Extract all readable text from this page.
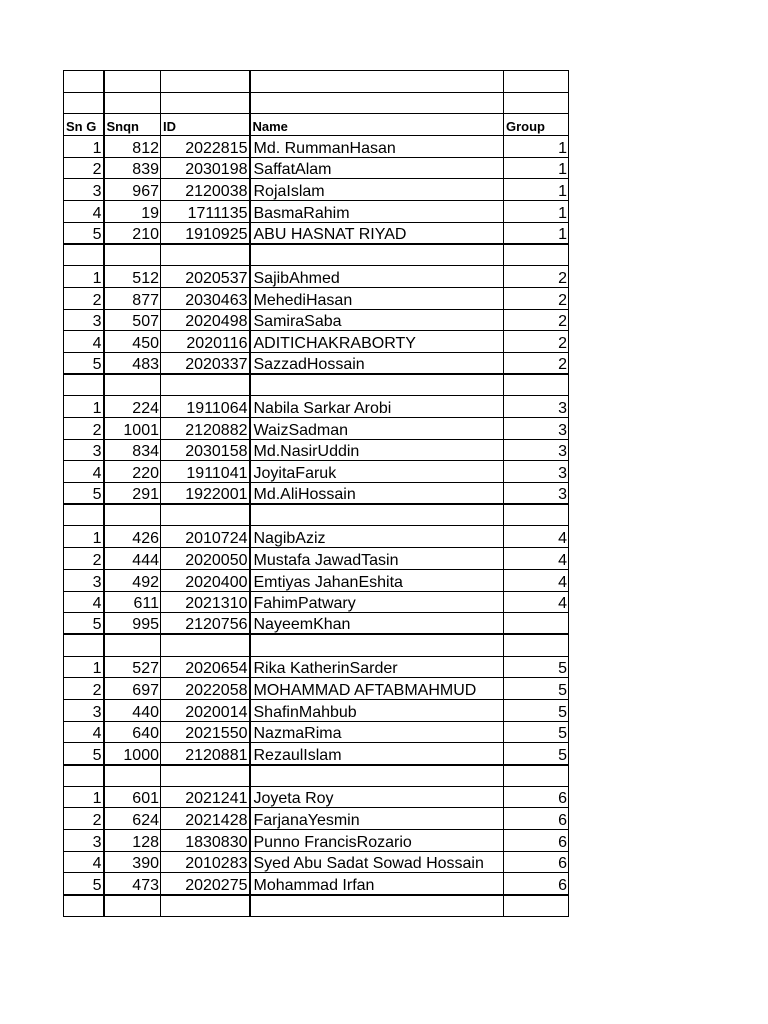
Sn G	Snqn	ID	Name	Group
1	812	2022815	Md. RummanHasan	1
2	839	2030198	SaffatAlam	1
3	967	2120038	RojaIslam	1
4	19	1711135	BasmaRahim	1
5	210	1910925	ABU HASNAT RIYAD	1

1	512	2020537	SajibAhmed	2
2	877	2030463	MehediHasan	2
3	507	2020498	SamiraSaba	2
4	450	2020116	ADITICHAKRABORTY	2
5	483	2020337	SazzadHossain	2

1	224	1911064	Nabila Sarkar Arobi	3
2	1001	2120882	WaizSadman	3
3	834	2030158	Md.NasirUddin	3
4	220	1911041	JoyitaFaruk	3
5	291	1922001	Md.AliHossain	3

1	426	2010724	NagibAziz	4
2	444	2020050	Mustafa JawadTasin	4
3	492	2020400	Emtiyas JahanEshita	4
4	611	2021310	FahimPatwary	4
5	995	2120756	NayeemKhan	

1	527	2020654	Rika KatherinSarder	5
2	697	2022058	MOHAMMAD AFTABMAHMUD	5
3	440	2020014	ShafinMahbub	5
4	640	2021550	NazmaRima	5
5	1000	2120881	RezaulIslam	5

1	601	2021241	Joyeta Roy	6
2	624	2021428	FarjanaYesmin	6
3	128	1830830	Punno FrancisRozario	6
4	390	2010283	Syed Abu Sadat Sowad Hossain	6
5	473	2020275	Mohammad Irfan	6
